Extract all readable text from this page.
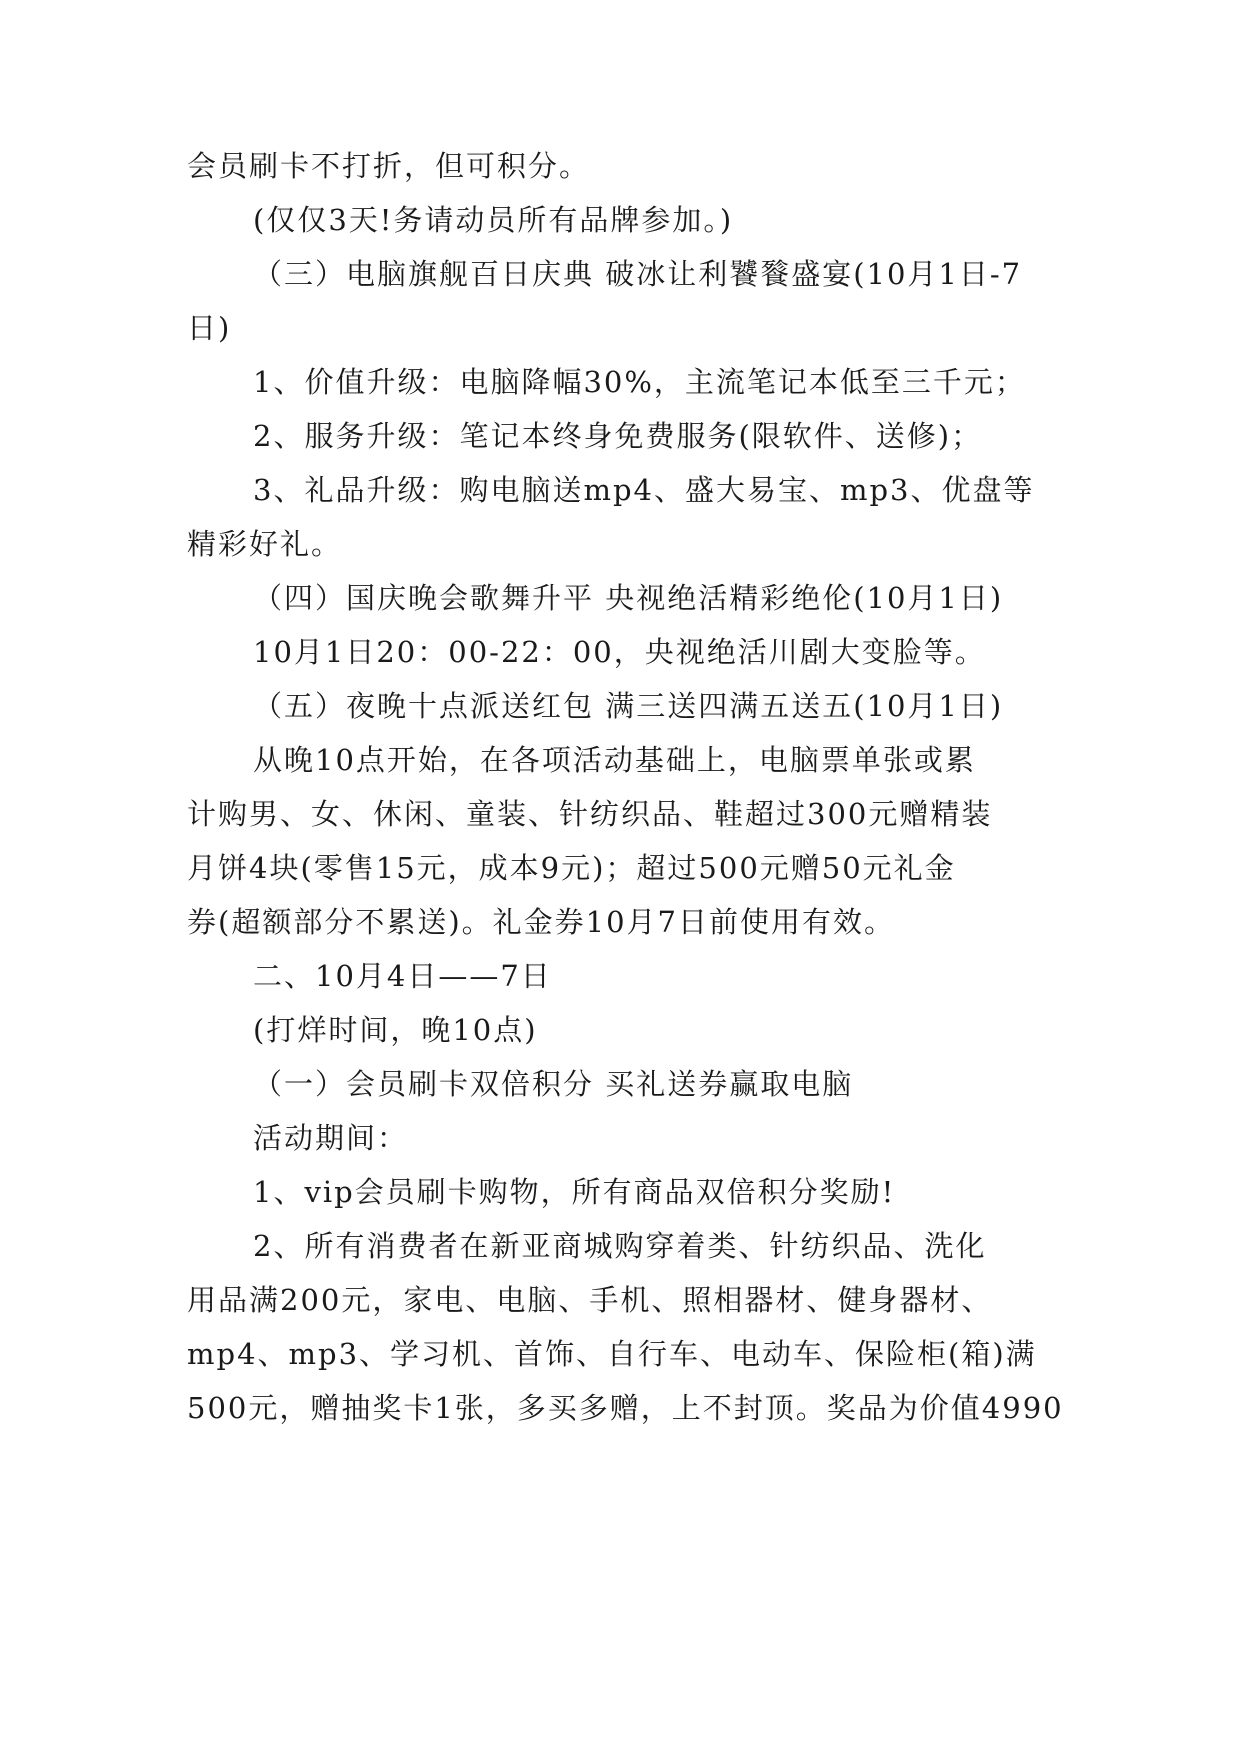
会员刷卡不打折，但可积分。
(仅仅3天!务请动员所有品牌参加。)
（三）电脑旗舰百日庆典 破冰让利饕餮盛宴(10月1日-7
日)
1、价值升级：电脑降幅30%，主流笔记本低至三千元；
2、服务升级：笔记本终身免费服务(限软件、送修)；
3、礼品升级：购电脑送mp4、盛大易宝、mp3、优盘等
精彩好礼。
（四）国庆晚会歌舞升平 央视绝活精彩绝伦(10月1日)
10月1日20：00-22：00，央视绝活川剧大变脸等。
（五）夜晚十点派送红包 满三送四满五送五(10月1日)
从晚10点开始，在各项活动基础上，电脑票单张或累
计购男、女、休闲、童装、针纺织品、鞋超过300元赠精装
月饼4块(零售15元，成本9元)；超过500元赠50元礼金
券(超额部分不累送)。礼金券10月7日前使用有效。
二、10月4日——7日
(打烊时间，晚10点)
（一）会员刷卡双倍积分 买礼送券赢取电脑
活动期间：
1、vip会员刷卡购物，所有商品双倍积分奖励!
2、所有消费者在新亚商城购穿着类、针纺织品、洗化
用品满200元，家电、电脑、手机、照相器材、健身器材、
mp4、mp3、学习机、首饰、自行车、电动车、保险柜(箱)满
500元，赠抽奖卡1张，多买多赠，上不封顶。奖品为价值4990
